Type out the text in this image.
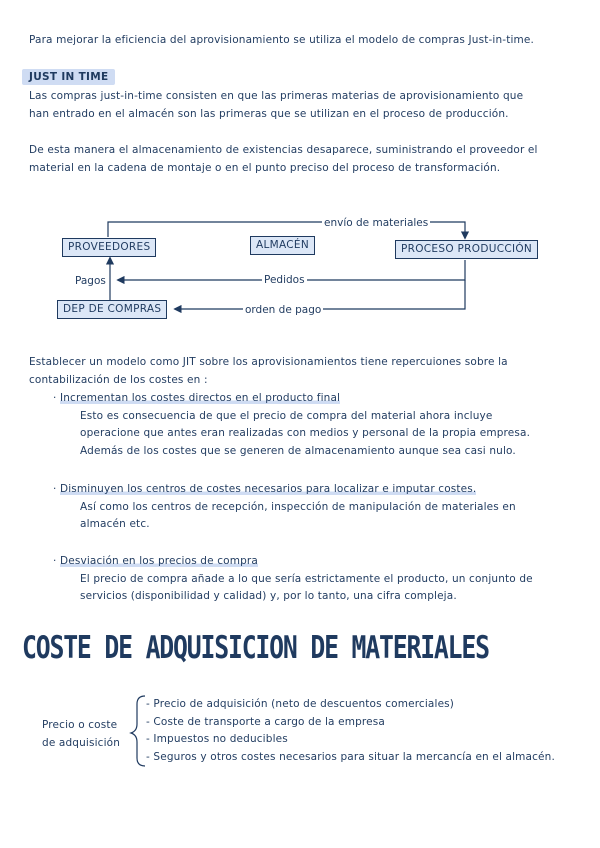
Para mejorar la eficiencia del aprovisionamiento se utiliza el modelo de compras Just-in-time.
JUST IN TIME
Las compras just-in-time consisten en que las primeras materias de aprovisionamiento que
han entrado en el almacén son las primeras que se utilizan en el proceso de producción.
De esta manera el almacenamiento de existencias desaparece, suministrando el proveedor el
material en la cadena de montaje o en el punto preciso del proceso de transformación.
PROVEEDORES	ALMACÉN	PROCESO PRODUCCIÓN
DEP DE COMPRAS
envío de materiales
Pagos	Pedidos
orden de pago
Establecer un modelo como JIT sobre los aprovisionamientos tiene repercuiones sobre la
contabilización de los costes en :
· Incrementan los costes directos en el producto final
Esto es consecuencia de que el precio de compra del material ahora incluye
operacione que antes eran realizadas con medios y personal de la propia empresa.
Además de los costes que se generen de almacenamiento aunque sea casi nulo.
· Disminuyen los centros de costes necesarios para localizar e imputar costes.
Así como los centros de recepción, inspección de manipulación de materiales en
almacén etc.
· Desviación en los precios de compra
El precio de compra añade a lo que sería estrictamente el producto, un conjunto de
servicios (disponibilidad y calidad) y, por lo tanto, una cifra compleja.
COSTE DE ADQUISICION DE MATERIALES
Precio o coste
de adquisición
- Precio de adquisición (neto de descuentos comerciales)
- Coste de transporte a cargo de la empresa
- Impuestos no deducibles
- Seguros y otros costes necesarios para situar la mercancía en el almacén.
